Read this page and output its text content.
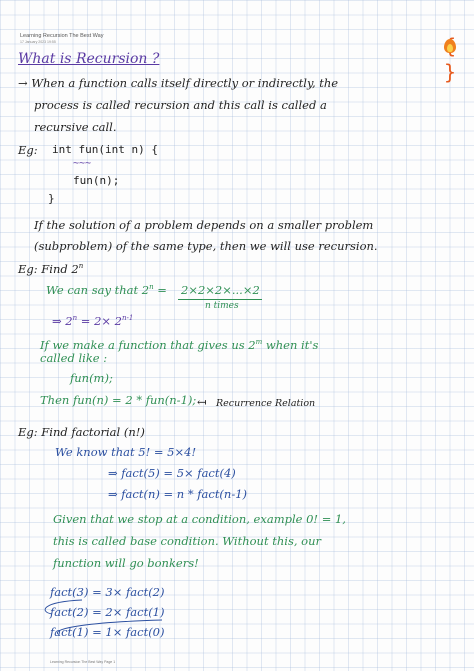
Learning Recursion The Best Way
17 January 2023 19:55
}
What is Recursion ?
→ When a function calls itself directly or indirectly, the
process is called recursion and this call is called a
recursive call.
Eg: int fun(int n) {
~~~
fun(n);
}
If the solution of a problem depends on a smaller problem
(subproblem) of the same type, then we will use recursion.
Eg: Find 2$^n$
We can say that $2^n = 2\times 2\times 2\times...\times 2$
n times
⇒ $2^n = 2\times 2^{n-1}$
If we make a function that gives us 2$^m$ when it's
called like :
fun(m);
Then fun(n) = 2 * fun(n-1); ↤ Recurrence Relation
Eg: Find factorial (n!)
We know that 5! = 5×4!
⇒ fact(5) = 5× fact(4)
⇒ fact(n) = n * fact(n-1)
Given that we stop at a condition, example 0! = 1,
this is called base condition. Without this, our
function will go bonkers!
fact(3) = 3× fact(2)
fact(2) = 2× fact(1)
fact(1) = 1× fact(0)
Learning Recursion The Best Way Page 1
